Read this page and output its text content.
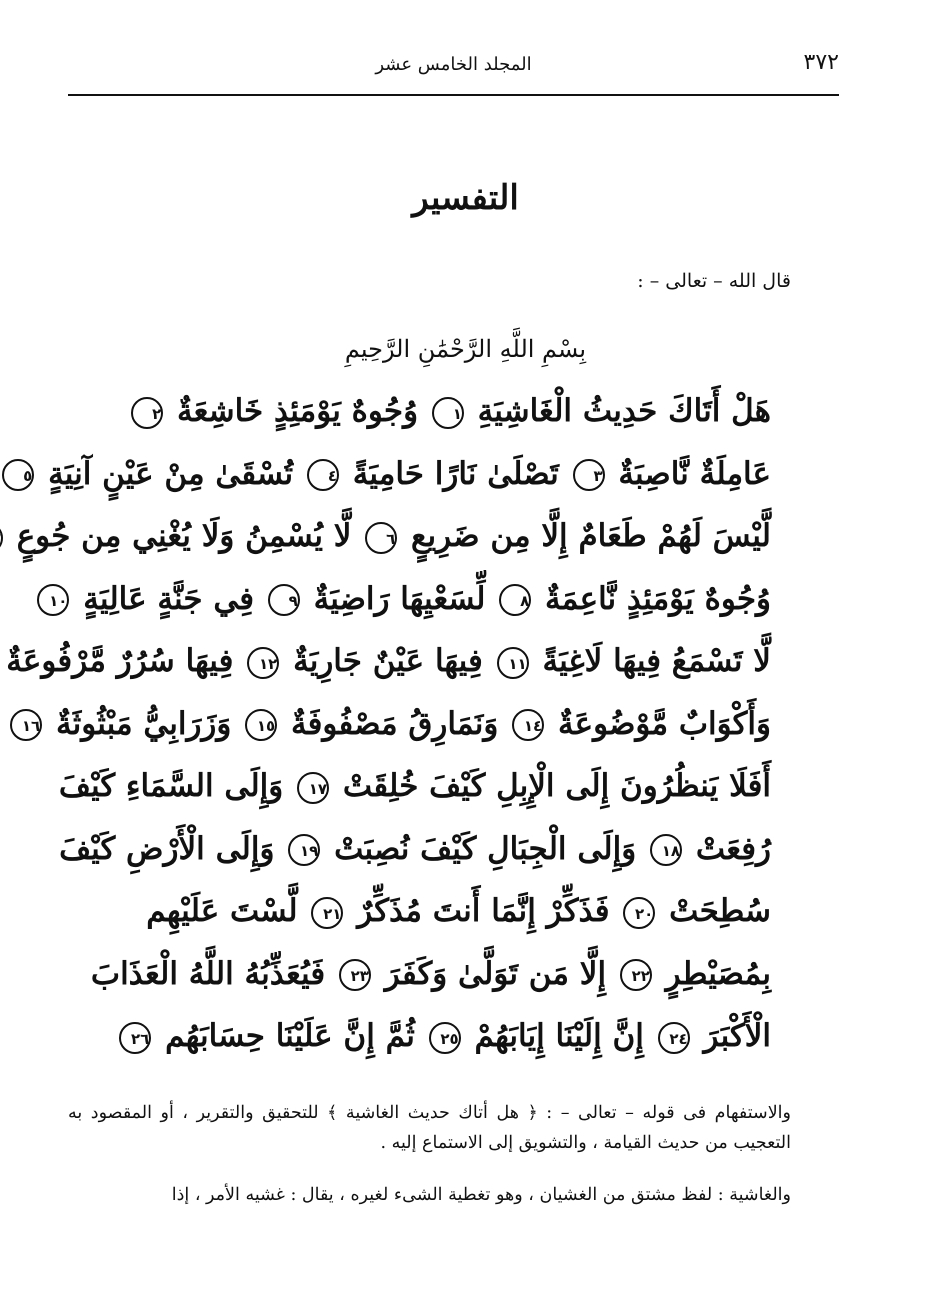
٣٧٢
المجلد الخامس عشر
التفسير
قال الله – تعالى – :
بِسْمِ اللَّهِ الرَّحْمَٰنِ الرَّحِيمِ
هَلْ أَتَاكَ حَدِيثُ الْغَاشِيَةِ ١ وُجُوهٌ يَوْمَئِذٍ خَاشِعَةٌ ٢
عَامِلَةٌ نَّاصِبَةٌ ٣ تَصْلَىٰ نَارًا حَامِيَةً ٤ تُسْقَىٰ مِنْ عَيْنٍ آنِيَةٍ ٥
لَّيْسَ لَهُمْ طَعَامٌ إِلَّا مِن ضَرِيعٍ ٦ لَّا يُسْمِنُ وَلَا يُغْنِي مِن جُوعٍ
وُجُوهٌ يَوْمَئِذٍ نَّاعِمَةٌ ٨ لِّسَعْيِهَا رَاضِيَةٌ ٩ فِي جَنَّةٍ عَالِيَةٍ ١٠
لَّا تَسْمَعُ فِيهَا لَاغِيَةً ١١ فِيهَا عَيْنٌ جَارِيَةٌ ١٢ فِيهَا سُرُرٌ مَّرْفُوعَةٌ
وَأَكْوَابٌ مَّوْضُوعَةٌ ١٤ وَنَمَارِقُ مَصْفُوفَةٌ ١٥ وَزَرَابِيُّ مَبْثُوثَةٌ ١٦
أَفَلَا يَنظُرُونَ إِلَى الْإِبِلِ كَيْفَ خُلِقَتْ ١٧ وَإِلَى السَّمَاءِ كَيْفَ
رُفِعَتْ ١٨ وَإِلَى الْجِبَالِ كَيْفَ نُصِبَتْ ١٩ وَإِلَى الْأَرْضِ كَيْفَ
سُطِحَتْ ٢٠ فَذَكِّرْ إِنَّمَا أَنتَ مُذَكِّرٌ ٢١ لَّسْتَ عَلَيْهِم
بِمُصَيْطِرٍ ٢٢ إِلَّا مَن تَوَلَّىٰ وَكَفَرَ ٢٣ فَيُعَذِّبُهُ اللَّهُ الْعَذَابَ
الْأَكْبَرَ ٢٤ إِنَّ إِلَيْنَا إِيَابَهُمْ ٢٥ ثُمَّ إِنَّ عَلَيْنَا حِسَابَهُم ٢٦

والاستفهام فى قوله – تعالى – : ﴿ هل أتاك حديث الغاشية ﴾ للتحقيق والتقرير ، أو المقصود به التعجيب من حديث القيامة ، والتشويق إلى الاستماع إليه .

والغاشية : لفظ مشتق من الغشيان ، وهو تغطية الشىء لغيره ، يقال : غشيه الأمر ، إذا
